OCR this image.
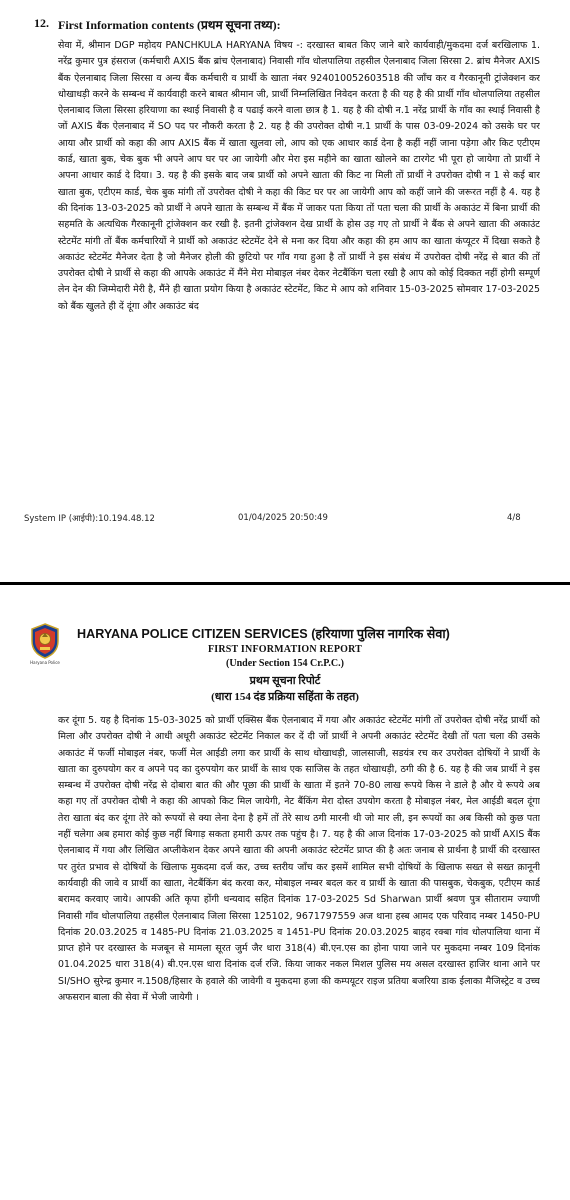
12. First Information contents (प्रथम सूचना तथ्य):

सेवा में, श्रीमान DGP महोदय PANCHKULA HARYANA विषय -: दरखास्त बाबत किए जाने बारे कार्यवाही/मुकदमा दर्ज बरखिलाफ 1. नरेंद्र कुमार पुत्र हंसराज (कर्मचारी AXIS बैंक ब्रांच ऐलनाबाद) निवासी गाँव धोलपालिया तहसील ऐलनाबाद जिला सिरसा 2. ब्रांच मैनेजर AXIS बैंक ऐलनाबाद जिला सिरसा व अन्य बैंक कर्मचारी व प्रार्थी के खाता नंबर 924010052603518 की जाँच कर व गैरकानूनी ट्रांजेक्शन कर धोखाधड़ी करने के सम्बन्ध में कार्यवाही करने बाबत श्रीमान जी, प्रार्थी निम्नलिखित निवेदन करता है की यह है की प्रार्थी गाँव धोलपालिया तहसील ऐलनाबाद जिला सिरसा हरियाणा का स्थाई निवासी है व पढाई करने वाला छात्र है 1. यह है की दोषी न.1 नरेंद्र प्रार्थी के गाँव का स्थाई निवासी है जों AXIS बैंक ऐलनाबाद में SO पद पर नौकरी करता है 2. यह है की उपरोक्त दोषी न.1 प्रार्थी के पास 03-09-2024 को उसके घर पर आया और प्रार्थी को कहा की आप AXIS बैंक में खाता खुलवा लो, आप को एक आधार कार्ड देना है कहीं नहीं जाना पड़ेगा और किट एटीएम कार्ड, खाता बुक, चेक बुक भी अपने आप घर पर आ जायेगी और मेरा इस महीने का खाता खोलने का टारगेट भी पूरा हो जायेगा तो प्रार्थी ने अपना आधार कार्ड दे दिया। 3. यह है की इसके बाद जब प्रार्थी को अपने खाता की किट ना मिली तों प्रार्थी ने उपरोक्त दोषी न 1 से कई बार खाता बुक, एटीएम कार्ड, चेक बुक मांगी तों उपरोक्त दोषी ने कहा की किट घर पर आ जायेगी आप को कहीं जाने की जरूरत नहीं है 4. यह है की दिनांक 13-03-2025 को प्रार्थी ने अपने खाता के सम्बन्ध में बैंक में जाकर पता किया तों पता चला की प्रार्थी के अकाउंट में बिना प्रार्थी की सहमति के अत्यधिक गैरकानूनी ट्रांजेक्शन कर रखी है. इतनी ट्रांजेक्शन देख प्रार्थी के होस उड़ गए तो प्रार्थी ने बैंक से अपने खाता की अकाउंट स्टेटमेंट मांगी तों बैंक कर्मचारियों ने प्रार्थी को अकाउंट स्टेटमेंट देने से मना कर दिया और कहा की हम आप का खाता कंप्यूटर में दिखा सकते है अकाउंट स्टेटमेंट मैनेजर देता है जो मैनेजर होली की छुटियो पर गाँव गया हुआ है तों प्रार्थी ने इस संबंध में उपरोक्त दोषी नरेंद्र से बात की तों उपरोक्त दोषी ने प्रार्थी से कहा की आपके अकाउंट में मैंने मेरा मोबाइल नंबर देकर नेटबैंकिंग चला रखी है आप को कोई दिक्कत नहीं होगी सम्पूर्ण लेन देन की जिम्मेदारी मेरी है, मैंने ही खाता प्रयोग किया है अकाउंट स्टेटमेंट, किट मे आप को शनिवार 15-03-2025 सोमवार 17-03-2025 को बैंक खुलते ही दें दूंगा और अकाउंट बंद

System IP (आईपी):10.194.48.12	01/04/2025 20:50:49	4/8
Haryana Police
HARYANA POLICE CITIZEN SERVICES (हरियाणा पुलिस नागरिक सेवा)
FIRST INFORMATION REPORT
(Under Section 154 Cr.P.C.)
प्रथम सूचना रिपोर्ट
(धारा 154 दंड प्रक्रिया सहिंता के तहत)

कर दूंगा 5. यह है दिनांक 15-03-3025 को प्रार्थी एक्सिस बैंक ऐलनाबाद में गया और अकाउंट स्टेटमेंट मांगी तों उपरोक्त दोषी नरेंद्र प्रार्थी को मिला और उपरोक्त दोषी ने आधी अधूरी अकाउंट स्टेटमेंट निकाल कर दें दी जों प्रार्थी ने अपनी अकाउंट स्टेटमेंट देखी तों पता चला की उसके अकाउंट में फर्जी मोबाइल नंबर, फर्जी मेल आईडी लगा कर प्रार्थी के साथ धोखाधड़ी, जालसाजी, सडयंत्र रच कर उपरोक्त दोषियों ने प्रार्थी के खाता का दुरुपयोग कर व अपने पद का दुरुपयोग कर प्रार्थी के साथ एक साजिस के तहत धोखाधड़ी, ठगी की है 6. यह है की जब प्रार्थी ने इस सम्बन्ध में उपरोक्त दोषी नरेंद्र से दोबारा बात की और पूछा की प्रार्थी के खाता में इतने 70-80 लाख रूपये किस ने डाले है और ये रूपये अब कहा गए तों उपरोक्त दोषी ने कहा की आपको किट मिल जायेगी, नेट बैंकिंग मेरा दोस्त उपयोग करता है मोबाइल नंबर, मेल आईडी बदल दूंगा तेरा खाता बंद कर दूंगा तेरे को रूपयों से क्या लेना देना है हमें तों तेरे साथ ठगी मारनी थी जो मार ली, इन रूपयों का अब किसी को कुछ पता नहीं चलेगा अब हमारा कोई कुछ नहीं बिगाड़ सकता हमारी ऊपर तक पहुंच है। 7. यह है की आज दिनांक 17-03-2025 को प्रार्थी AXIS बैंक ऐलनाबाद में गया और लिखित अप्लीकेशन देकर अपने खाता की अपनी अकाउंट स्टेटमेंट प्राप्त की है अतः जनाब से प्रार्थना है प्रार्थी की दरखास्त पर तुरंत प्रभाव से दोषियों के खिलाफ मुकदमा दर्ज कर, उच्च स्तरीय जाँच कर इसमें शामिल सभी दोषियों के खिलाफ सख्त से सख्त क़ानूनी कार्यवाही की जावे व प्रार्थी का खाता, नेटबैंकिंग बंद करवा कर, मोबाइल नम्बर बदल कर व प्रार्थी के खाता की पासबुक, चेकबुक, एटीएम कार्ड बरामद करवाए जाये। आपकी अति कृपा होंगी धन्यवाद सहित दिनांक 17-03-2025 Sd Sharwan प्रार्थी श्रवण पुत्र सीताराम ज्याणी निवासी गाँव धोलपालिया तहसील ऐलनाबाद जिला सिरसा 125102, 9671797559 अज थाना हस्ब आमद एक परिवाद नम्बर 1450-PU दिनांक 20.03.2025 व 1485-PU दिनांक 21.03.2025 व 1451-PU दिनांक 20.03.2025 बाहद रक्बा गांव धोलपालिया थाना में प्राप्त होने पर दरखास्त के मजबून से मामला सूरत जुर्म जैर धारा 318(4) बी.एन.एस का होना पाया जाने पर मुकदमा नम्बर 109 दिनांक 01.04.2025 धारा 318(4) बी.एन.एस धारा दिनांक दर्ज रजि. किया जाकर नकल मिशल पुलिस मय असल दरखास्त हाजिर थाना आने पर SI/SHO सुरेन्द्र कुमार न.1508/हिसार के हवाले की जावेगी व मुकदमा हजा की कम्पयूटर राइज प्रतिया बजरिया डाक ईलाका मैजिस्ट्रेट व उच्च अफसरान बाला की सेवा में भेजी जायेगी ।
